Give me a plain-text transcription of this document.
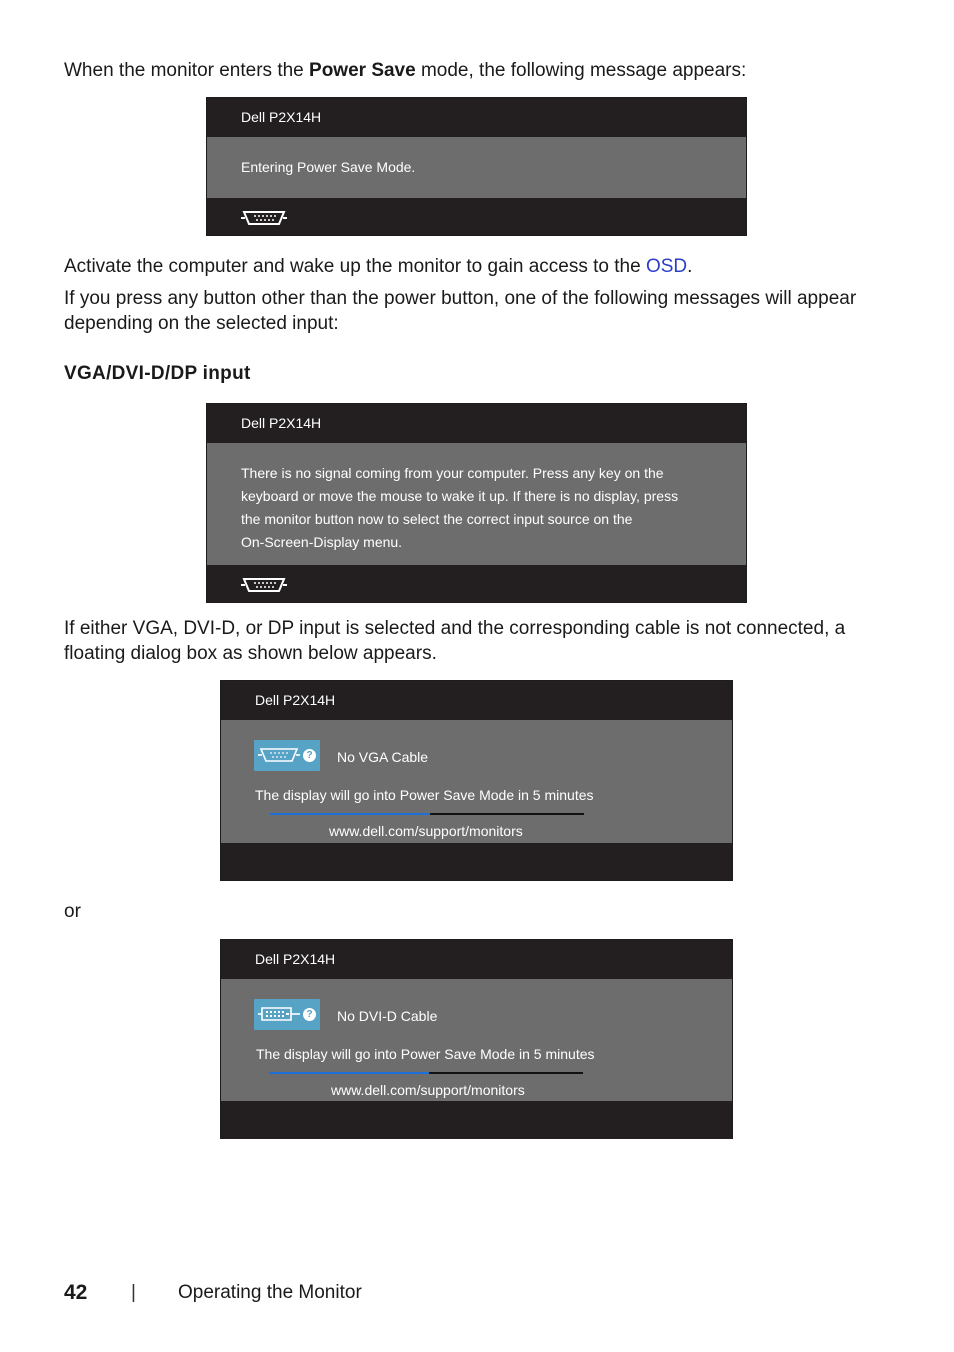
When the monitor enters the Power Save mode, the following message appears:

Dell P2X14H
Entering Power Save Mode.

Activate the computer and wake up the monitor to gain access to the OSD.

If you press any button other than the power button, one of the following messages will appear depending on the selected input:

VGA/DVI-D/DP input
Dell P2X14H
There is no signal coming from your computer. Press any key on the
keyboard or move the mouse to wake it up. If there is no display, press
the monitor button now to select the correct input source on the
On-Screen-Display menu.

If either VGA, DVI-D, or DP input is selected and the corresponding cable is not connected, a floating dialog box as shown below appears.

Dell P2X14H
? No VGA Cable
The display will go into Power Save Mode in 5 minutes
www.dell.com/support/monitors

or

Dell P2X14H
? No DVI-D Cable
The display will go into Power Save Mode in 5 minutes
www.dell.com/support/monitors
42 | Operating the Monitor
